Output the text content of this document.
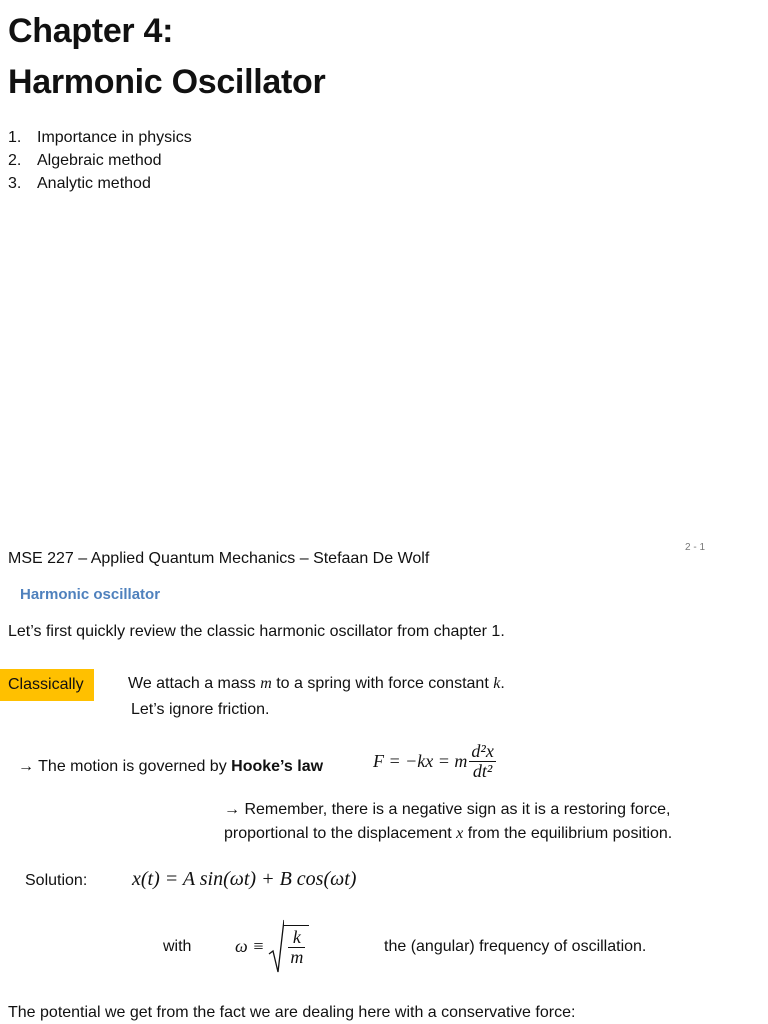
Chapter 4:
Harmonic Oscillator
1. Importance in physics
2. Algebraic method
3. Analytic method
MSE 227 – Applied Quantum Mechanics – Stefaan De Wolf
2 - 1
Harmonic oscillator
Let’s first quickly review the classic harmonic oscillator from chapter 1.
Classically	We attach a mass m to a spring with force constant k.
Let’s ignore friction.
→ The motion is governed by Hooke’s law	F = −kx = m $\frac{\text{d²x}}{\text{dt²}}$
→ Remember, there is a negative sign as it is a restoring force,
proportional to the displacement x from the equilibrium position.
Solution: x(t) = A sin(ωt) + B cos(ωt)
with $\omega \equiv \frac{k}{m}$	the (angular) frequency of oscillation.
The potential we get from the fact we are dealing here with a conservative force:
